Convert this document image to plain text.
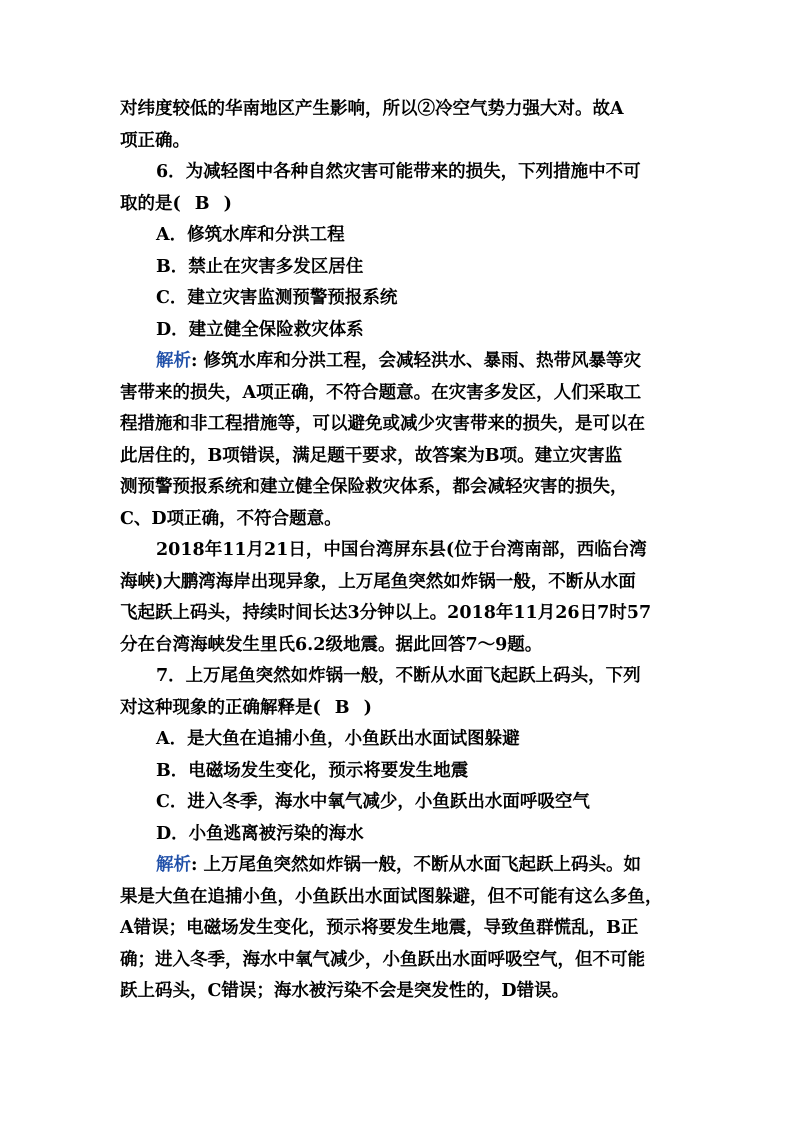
对纬度较低的华南地区产生影响，所以②冷空气势力强大对。故A
项正确。
6．为减轻图中各种自然灾害可能带来的损失，下列措施中不可
取的是( B )
A．修筑水库和分洪工程
B．禁止在灾害多发区居住
C．建立灾害监测预警预报系统
D．建立健全保险救灾体系
解析: 修筑水库和分洪工程，会减轻洪水、暴雨、热带风暴等灾
害带来的损失，A项正确，不符合题意。在灾害多发区，人们采取工
程措施和非工程措施等，可以避免或减少灾害带来的损失，是可以在
此居住的，B项错误，满足题干要求，故答案为B项。建立灾害监
测预警预报系统和建立健全保险救灾体系，都会减轻灾害的损失，
C、D项正确，不符合题意。
2018年11月21日，中国台湾屏东县(位于台湾南部，西临台湾
海峡)大鹏湾海岸出现异象，上万尾鱼突然如炸锅一般，不断从水面
飞起跃上码头，持续时间长达3分钟以上。2018年11月26日7时57
分在台湾海峡发生里氏6.2级地震。据此回答7～9题。
7．上万尾鱼突然如炸锅一般，不断从水面飞起跃上码头，下列
对这种现象的正确解释是( B )
A．是大鱼在追捕小鱼，小鱼跃出水面试图躲避
B．电磁场发生变化，预示将要发生地震
C．进入冬季，海水中氧气减少，小鱼跃出水面呼吸空气
D．小鱼逃离被污染的海水
解析: 上万尾鱼突然如炸锅一般，不断从水面飞起跃上码头。如
果是大鱼在追捕小鱼，小鱼跃出水面试图躲避，但不可能有这么多鱼，
A错误；电磁场发生变化，预示将要发生地震，导致鱼群慌乱，B正
确；进入冬季，海水中氧气减少，小鱼跃出水面呼吸空气，但不可能
跃上码头，C错误；海水被污染不会是突发性的，D错误。
